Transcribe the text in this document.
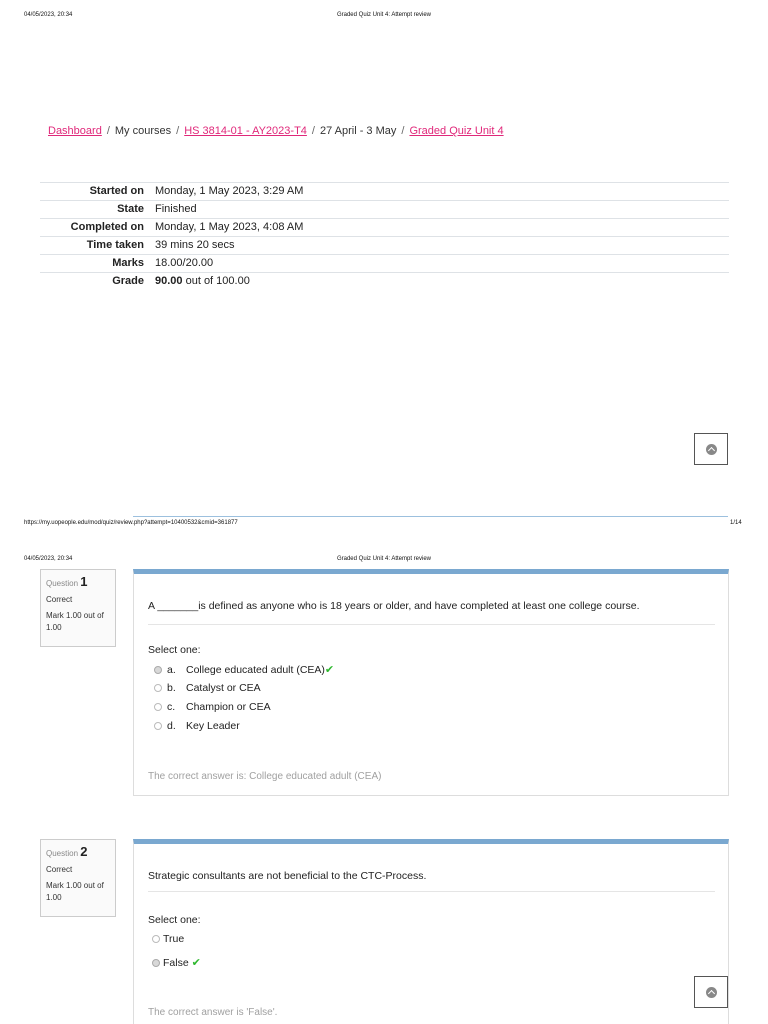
04/05/2023, 20:34	Graded Quiz Unit 4: Attempt review
Dashboard / My courses / HS 3814-01 - AY2023-T4 / 27 April - 3 May / Graded Quiz Unit 4
Started on	Monday, 1 May 2023, 3:29 AM
State	Finished
Completed on	Monday, 1 May 2023, 4:08 AM
Time taken	39 mins 20 secs
Marks	18.00/20.00
Grade	90.00 out of 100.00
https://my.uopeople.edu/mod/quiz/review.php?attempt=10400532&cmid=361877	1/14
04/05/2023, 20:34	Graded Quiz Unit 4: Attempt review
Question 1
Correct
Mark 1.00 out of 1.00
A _______is defined as anyone who is 18 years or older, and have completed at least one college course.
Select one:
a. College educated adult (CEA)✔
b. Catalyst or CEA
c. Champion or CEA
d. Key Leader
The correct answer is: College educated adult (CEA)
Question 2
Correct
Mark 1.00 out of 1.00
Strategic consultants are not beneficial to the CTC-Process.
Select one:
True
False ✔
The correct answer is 'False'.
